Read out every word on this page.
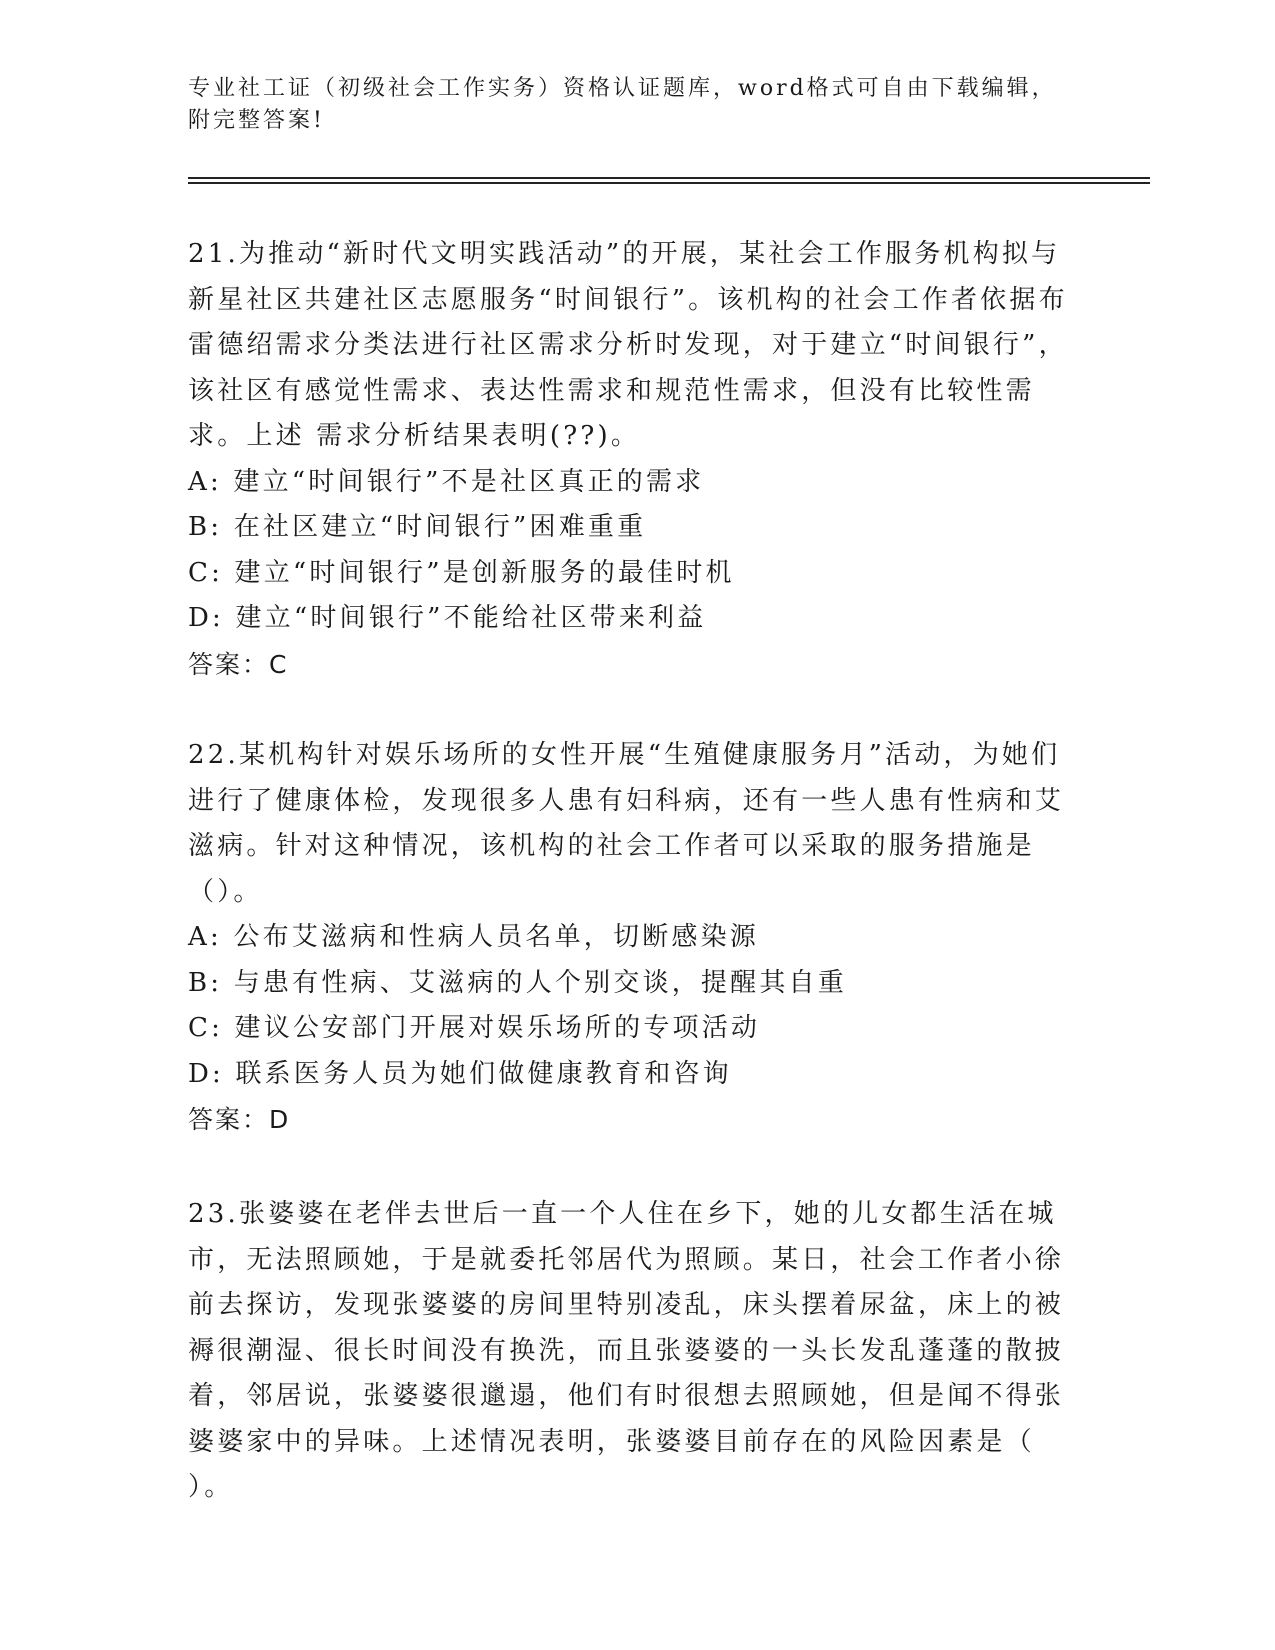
专业社工证（初级社会工作实务）资格认证题库，word格式可自由下载编辑，附完整答案!

21.为推动“新时代文明实践活动”的开展，某社会工作服务机构拟与新星社区共建社区志愿服务“时间银行”。该机构的社会工作者依据布雷德绍需求分类法进行社区需求分析时发现，对于建立“时间银行”，该社区有感觉性需求、表达性需求和规范性需求，但没有比较性需求。上述 需求分析结果表明(??)。

A: 建立“时间银行”不是社区真正的需求

B: 在社区建立“时间银行”困难重重

C: 建立“时间银行”是创新服务的最佳时机

D: 建立“时间银行”不能给社区带来利益

答案：C

22.某机构针对娱乐场所的女性开展“生殖健康服务月”活动，为她们进行了健康体检，发现很多人患有妇科病，还有一些人患有性病和艾滋病。针对这种情况，该机构的社会工作者可以采取的服务措施是（）。

A: 公布艾滋病和性病人员名单，切断感染源

B: 与患有性病、艾滋病的人个别交谈，提醒其自重

C: 建议公安部门开展对娱乐场所的专项活动

D: 联系医务人员为她们做健康教育和咨询

答案：D

23.张婆婆在老伴去世后一直一个人住在乡下，她的儿女都生活在城市，无法照顾她，于是就委托邻居代为照顾。某日，社会工作者小徐前去探访，发现张婆婆的房间里特别凌乱，床头摆着尿盆，床上的被褥很潮湿、很长时间没有换洗，而且张婆婆的一头长发乱蓬蓬的散披着，邻居说，张婆婆很邋遢，他们有时很想去照顾她，但是闻不得张婆婆家中的异味。上述情况表明，张婆婆目前存在的风险因素是（ ）。
